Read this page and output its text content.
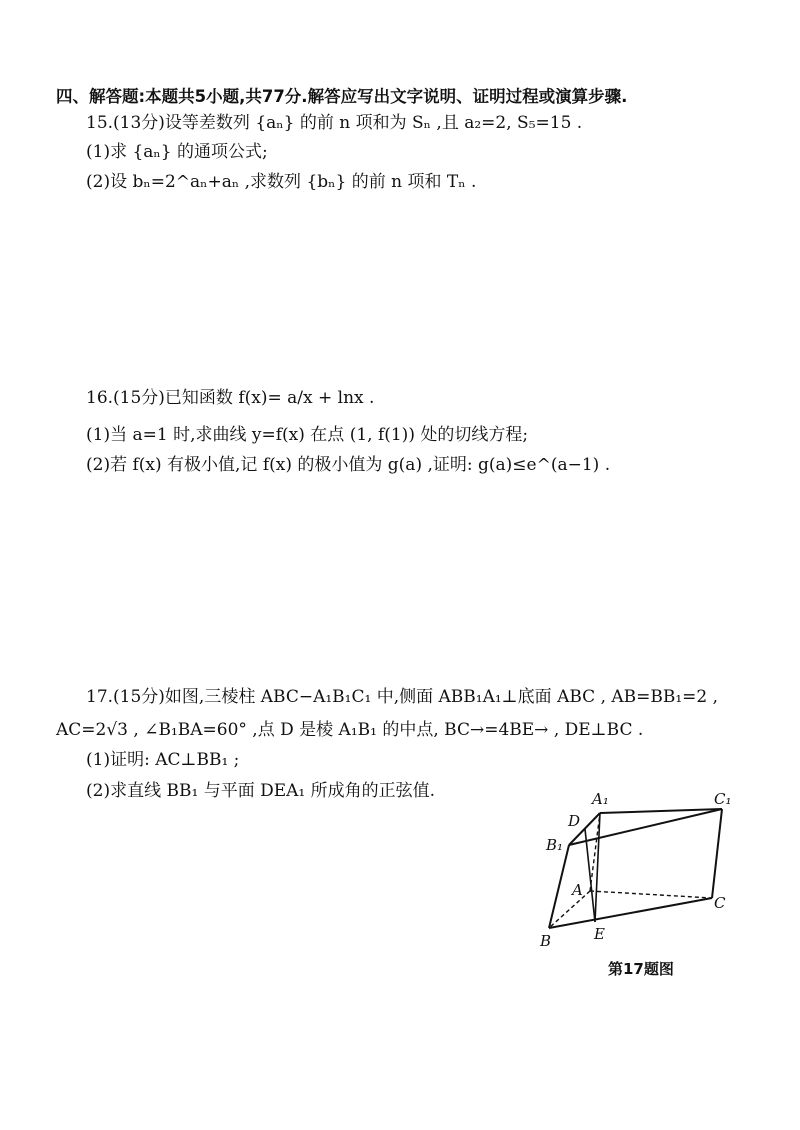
四、解答题:本题共5小题,共77分.解答应写出文字说明、证明过程或演算步骤.
15.(13分)设等差数列 {aₙ} 的前 n 项和为 Sₙ ,且 a₂=2, S₅=15 .
(1)求 {aₙ} 的通项公式;
(2)设 bₙ=2^aₙ+aₙ ,求数列 {bₙ} 的前 n 项和 Tₙ .
16.(15分)已知函数 f(x)= a/x + lnx .
(1)当 a=1 时,求曲线 y=f(x) 在点 (1, f(1)) 处的切线方程;
(2)若 f(x) 有极小值,记 f(x) 的极小值为 g(a) ,证明: g(a)≤e^(a−1) .
17.(15分)如图,三棱柱 ABC−A₁B₁C₁ 中,侧面 ABB₁A₁⊥底面 ABC , AB=BB₁=2 ,
AC=2√3 , ∠B₁BA=60° ,点 D 是棱 A₁B₁ 的中点, BC→=4BE→ , DE⊥BC .
(1)证明: AC⊥BB₁ ;
(2)求直线 BB₁ 与平面 DEA₁ 所成角的正弦值.	A₁	C₁
D
B₁
A
C
B	E
第17题图
